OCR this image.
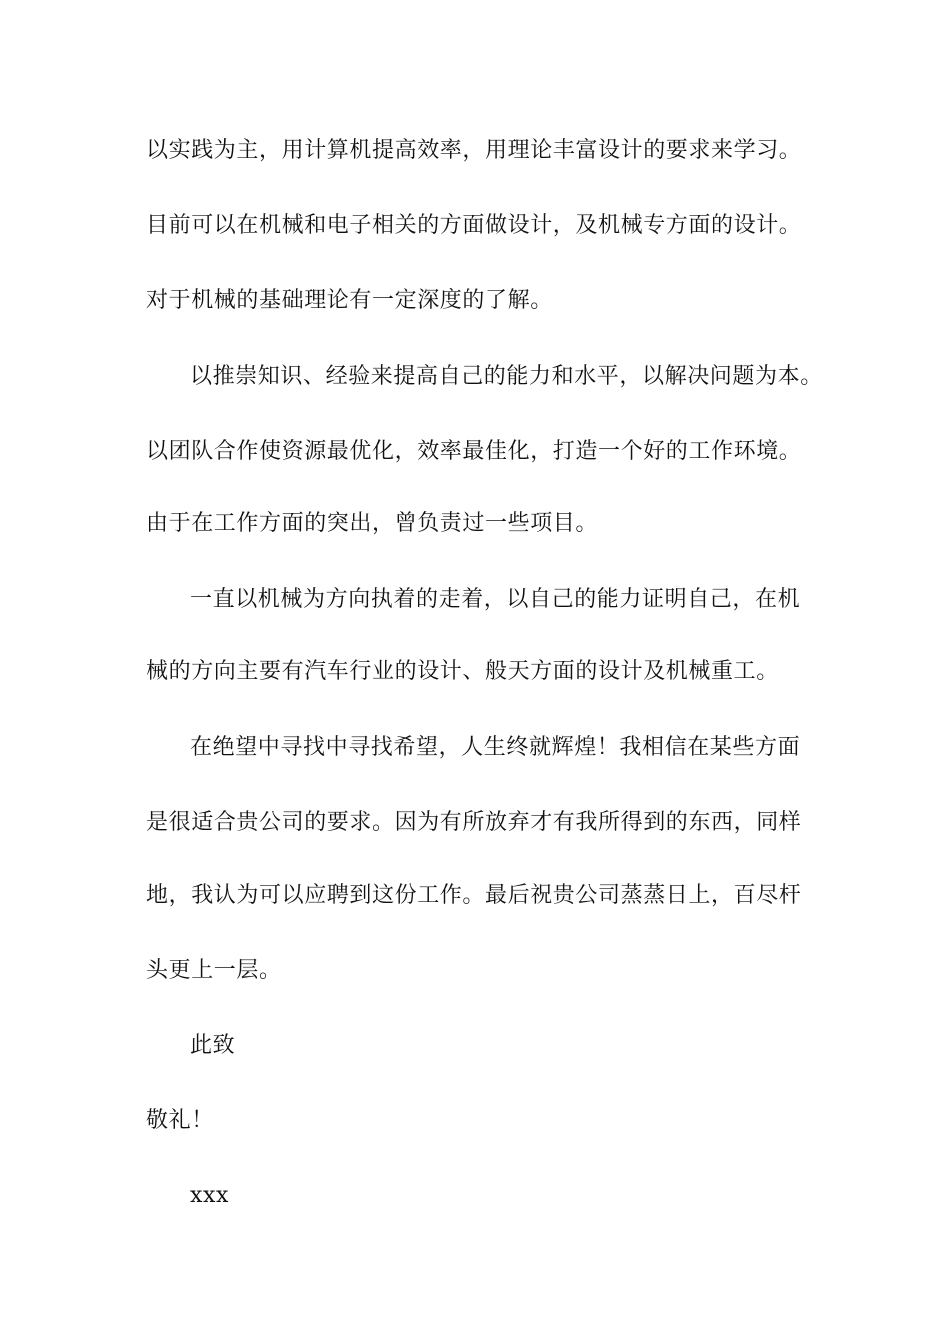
以实践为主，用计算机提高效率，用理论丰富设计的要求来学习。
目前可以在机械和电子相关的方面做设计，及机械专方面的设计。
对于机械的基础理论有一定深度的了解。
以推崇知识、经验来提高自己的能力和水平，以解决问题为本。
以团队合作使资源最优化，效率最佳化，打造一个好的工作环境。
由于在工作方面的突出，曾负责过一些项目。
一直以机械为方向执着的走着，以自己的能力证明自己，在机
械的方向主要有汽车行业的设计、般天方面的设计及机械重工。
在绝望中寻找中寻找希望，人生终就辉煌！我相信在某些方面
是很适合贵公司的要求。因为有所放弃才有我所得到的东西，同样
地，我认为可以应聘到这份工作。最后祝贵公司蒸蒸日上，百尽杆
头更上一层。
此致
敬礼！
xxx
